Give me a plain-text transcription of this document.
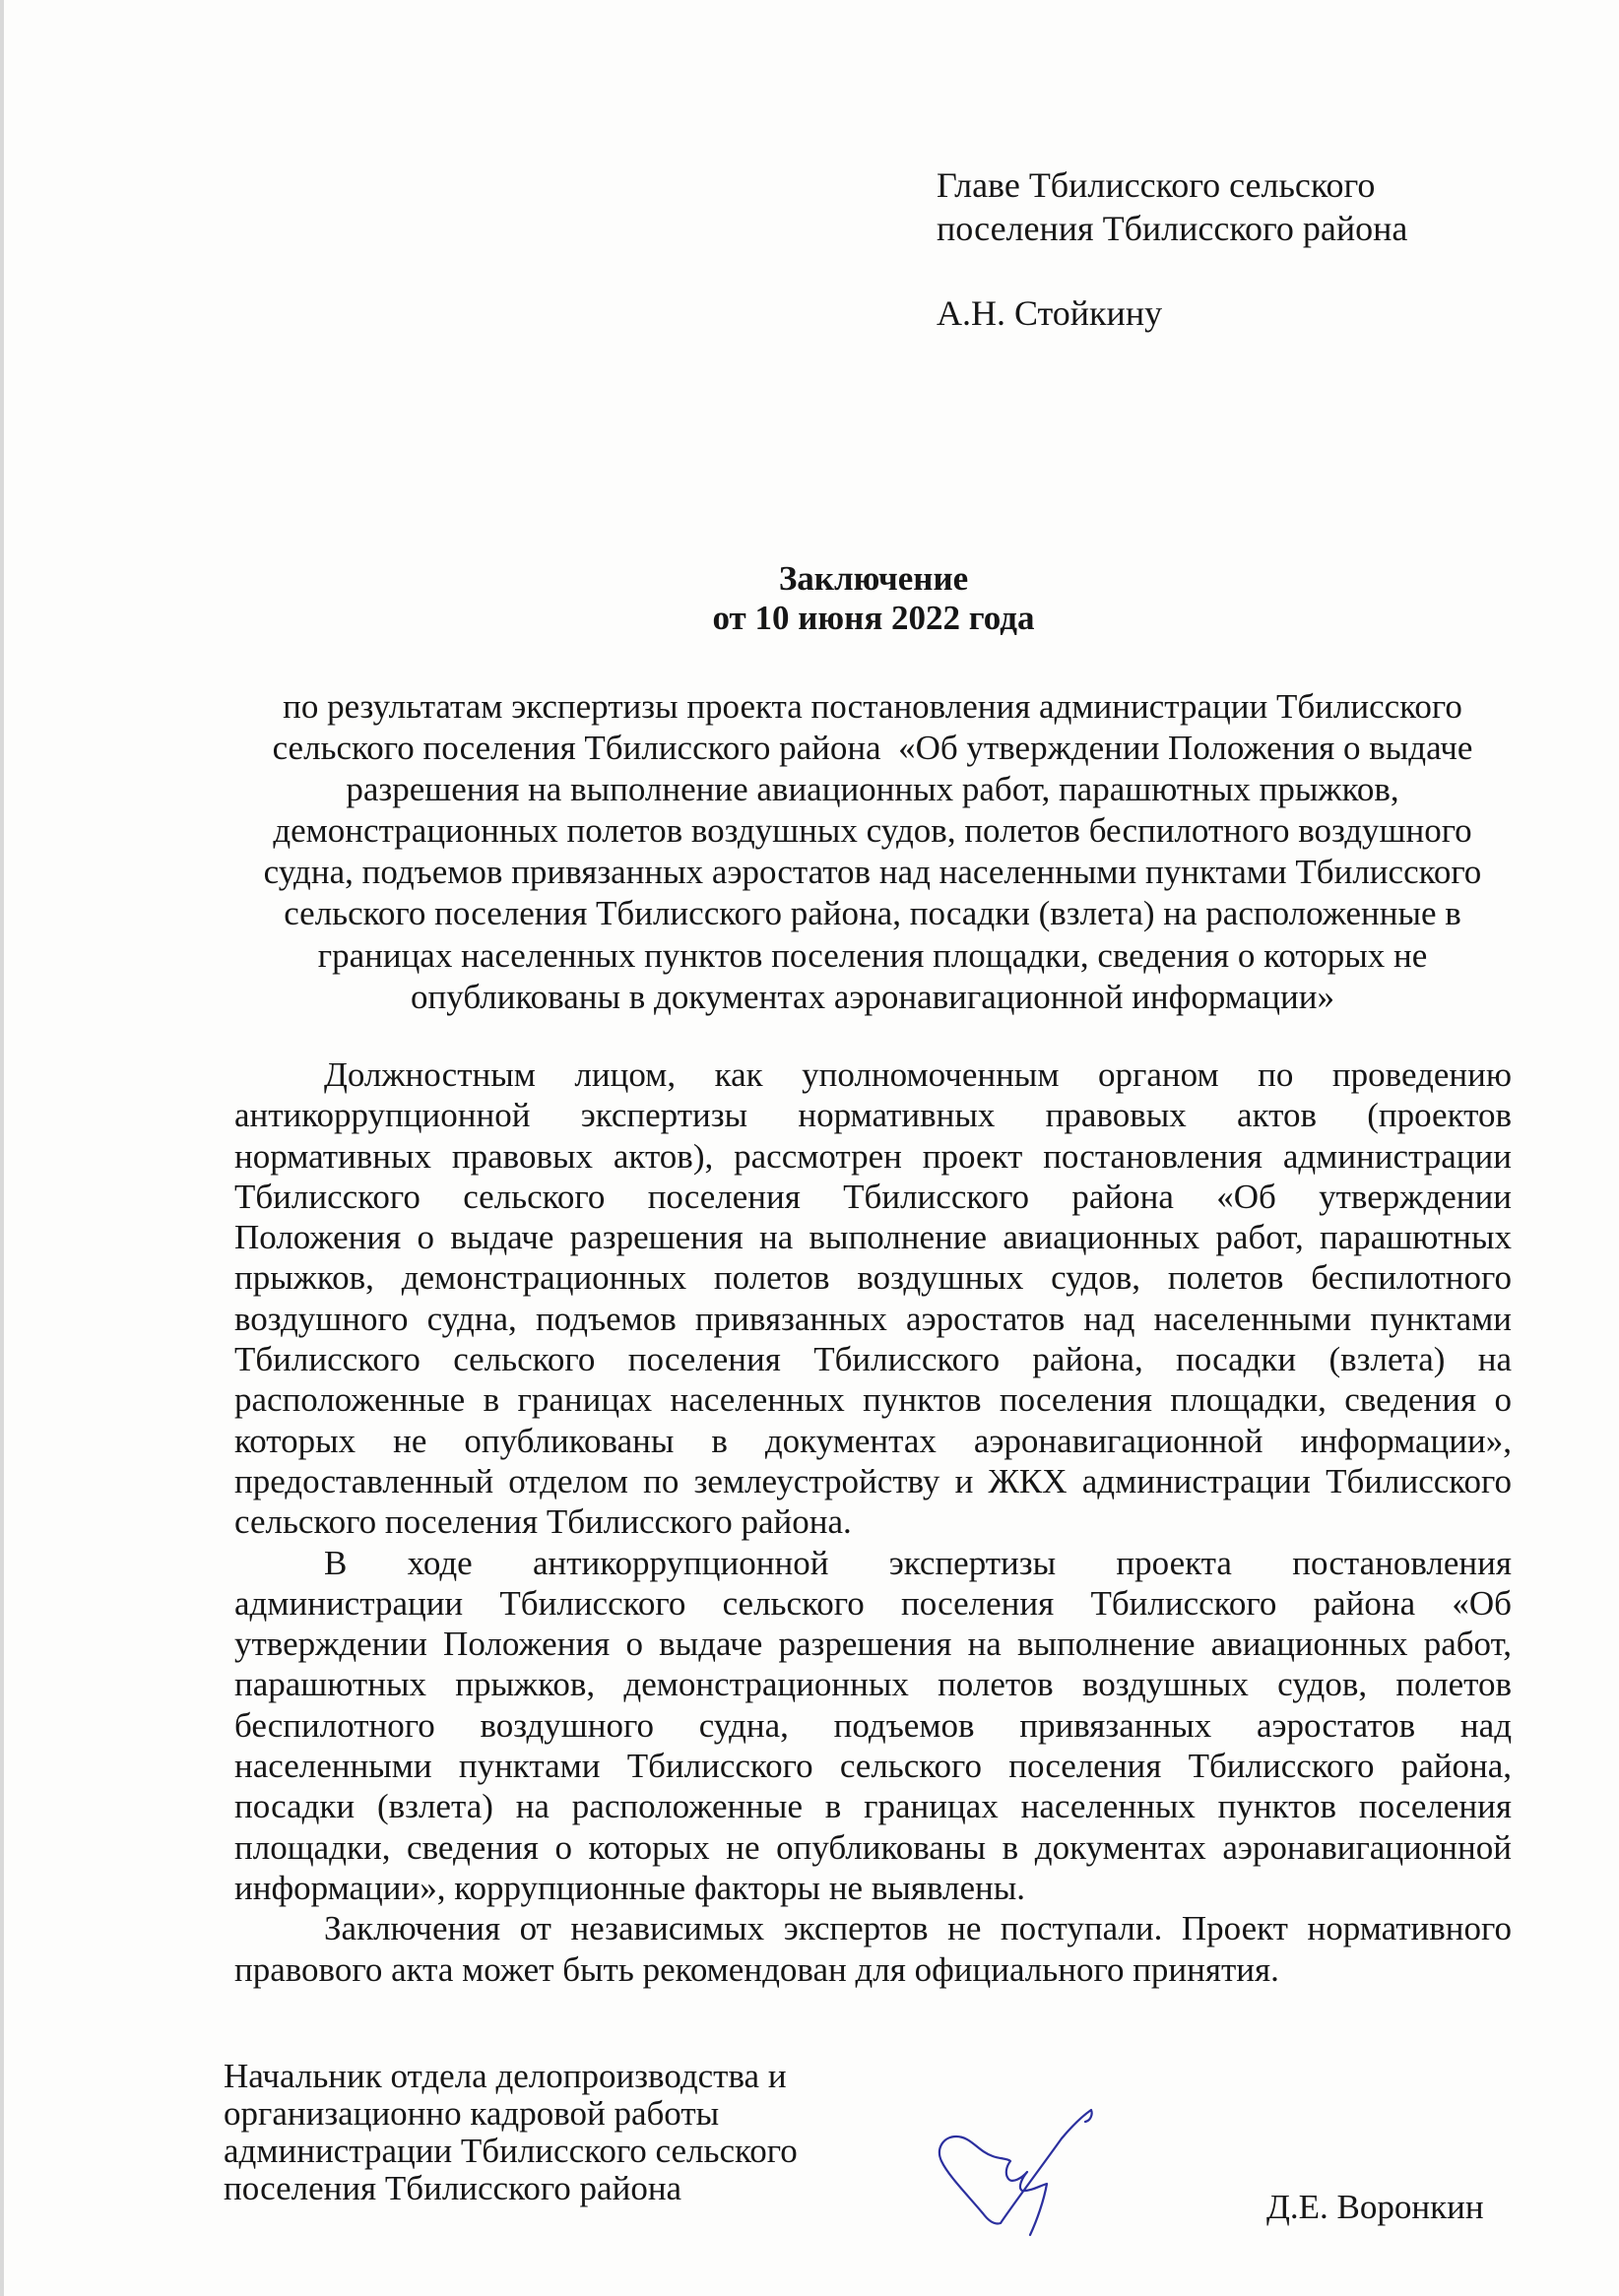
Главе Тбилисского сельского
поселения Тбилисского района
А.Н. Стойкину
Заключение
от 10 июня 2022 года
по результатам экспертизы проекта постановления администрации Тбилисского
сельского поселения Тбилисского района  «Об утверждении Положения о выдаче
разрешения на выполнение авиационных работ, парашютных прыжков,
демонстрационных полетов воздушных судов, полетов беспилотного воздушного
судна, подъемов привязанных аэростатов над населенными пунктами Тбилисского
сельского поселения Тбилисского района, посадки (взлета) на расположенные в
границах населенных пунктов поселения площадки, сведения о которых не
опубликованы в документах аэронавигационной информации»
Должностным лицом, как уполномоченным органом по проведению
антикоррупционной экспертизы нормативных правовых актов (проектов
нормативных правовых актов), рассмотрен проект постановления администрации
Тбилисского сельского поселения Тбилисского района «Об утверждении
Положения о выдаче разрешения на выполнение авиационных работ, парашютных
прыжков, демонстрационных полетов воздушных судов, полетов беспилотного
воздушного судна, подъемов привязанных аэростатов над населенными пунктами
Тбилисского сельского поселения Тбилисского района, посадки (взлета) на
расположенные в границах населенных пунктов поселения площадки, сведения о
которых не опубликованы в документах аэронавигационной информации»,
предоставленный отделом по землеустройству и ЖКХ администрации Тбилисского
сельского поселения Тбилисского района.
В ходе антикоррупционной экспертизы проекта постановления
администрации Тбилисского сельского поселения Тбилисского района «Об
утверждении Положения о выдаче разрешения на выполнение авиационных работ,
парашютных прыжков, демонстрационных полетов воздушных судов, полетов
беспилотного воздушного судна, подъемов привязанных аэростатов над
населенными пунктами Тбилисского сельского поселения Тбилисского района,
посадки (взлета) на расположенные в границах населенных пунктов поселения
площадки, сведения о которых не опубликованы в документах аэронавигационной
информации», коррупционные факторы не выявлены.
Заключения от независимых экспертов не поступали. Проект нормативного
правового акта может быть рекомендован для официального принятия.
Начальник отдела делопроизводства и
организационно кадровой работы
администрации Тбилисского сельского
поселения Тбилисского района	Д.Е. Воронкин
